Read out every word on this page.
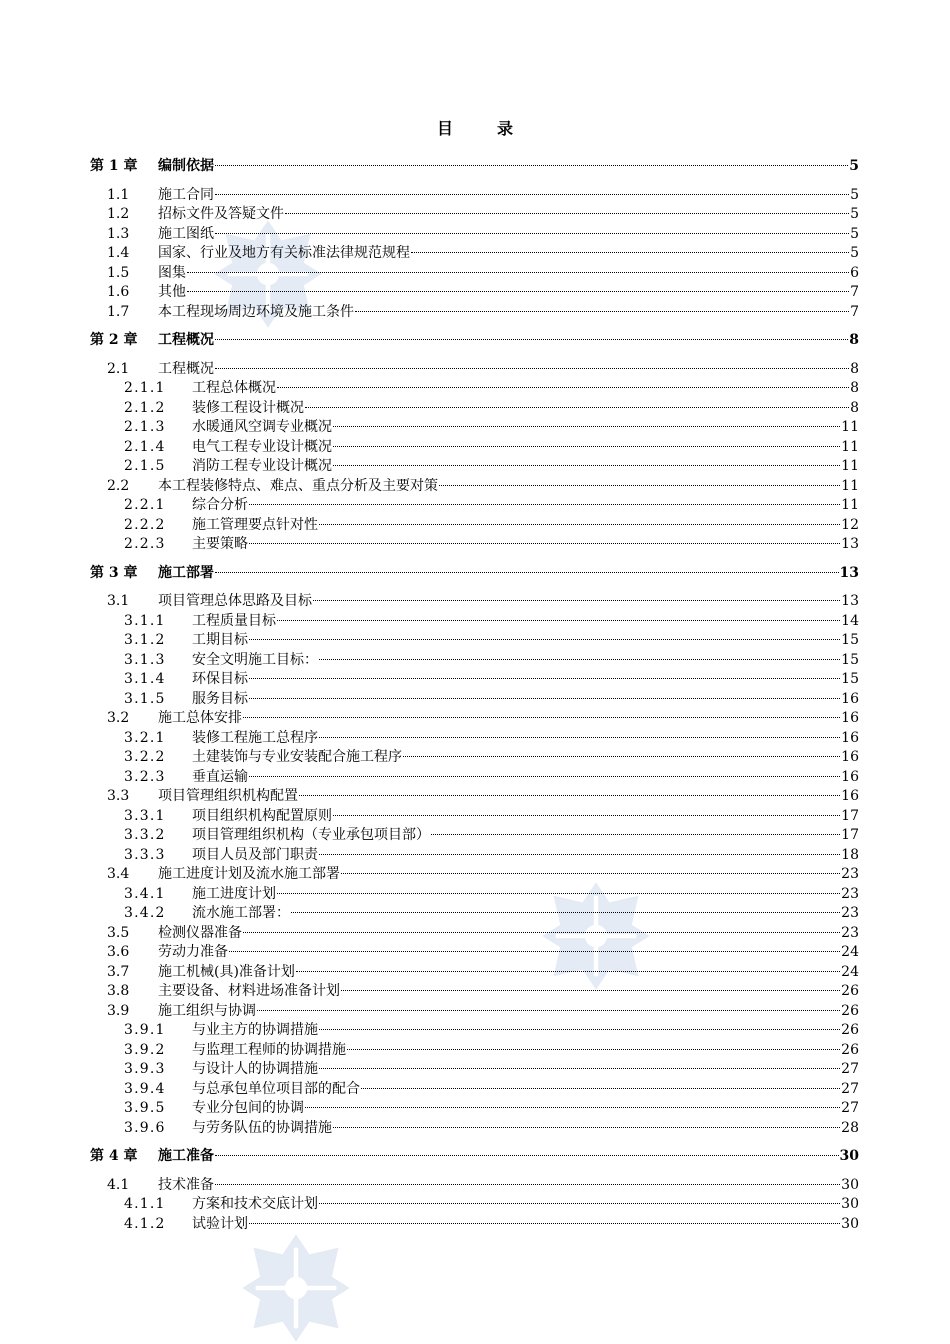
目　录
第 1 章 编制依据	5
1.1 施工合同	5
1.2 招标文件及答疑文件	5
1.3 施工图纸	5
1.4 国家、行业及地方有关标准法律规范规程	5
1.5 图集	6
1.6 其他	7
1.7 本工程现场周边环境及施工条件	7
第 2 章 工程概况	8
2.1 工程概况	8
2.1.1 工程总体概况	8
2.1.2 装修工程设计概况	8
2.1.3 水暖通风空调专业概况	11
2.1.4 电气工程专业设计概况	11
2.1.5 消防工程专业设计概况	11
2.2 本工程装修特点、难点、重点分析及主要对策	11
2.2.1 综合分析	11
2.2.2 施工管理要点针对性	12
2.2.3 主要策略	13
第 3 章 施工部署	13
3.1 项目管理总体思路及目标	13
3.1.1 工程质量目标	14
3.1.2 工期目标	15
3.1.3 安全文明施工目标：	15
3.1.4 环保目标	15
3.1.5 服务目标	16
3.2 施工总体安排	16
3.2.1 装修工程施工总程序	16
3.2.2 土建装饰与专业安装配合施工程序	16
3.2.3 垂直运输	16
3.3 项目管理组织机构配置	16
3.3.1 项目组织机构配置原则	17
3.3.2 项目管理组织机构（专业承包项目部）	17
3.3.3 项目人员及部门职责	18
3.4 施工进度计划及流水施工部署	23
3.4.1 施工进度计划	23
3.4.2 流水施工部署：	23
3.5 检测仪器准备	23
3.6 劳动力准备	24
3.7 施工机械(具)准备计划	24
3.8 主要设备、材料进场准备计划	26
3.9 施工组织与协调	26
3.9.1 与业主方的协调措施	26
3.9.2 与监理工程师的协调措施	26
3.9.3 与设计人的协调措施	27
3.9.4 与总承包单位项目部的配合	27
3.9.5 专业分包间的协调	27
3.9.6 与劳务队伍的协调措施	28
第 4 章 施工准备	30
4.1 技术准备	30
4.1.1 方案和技术交底计划	30
4.1.2 试验计划	30
